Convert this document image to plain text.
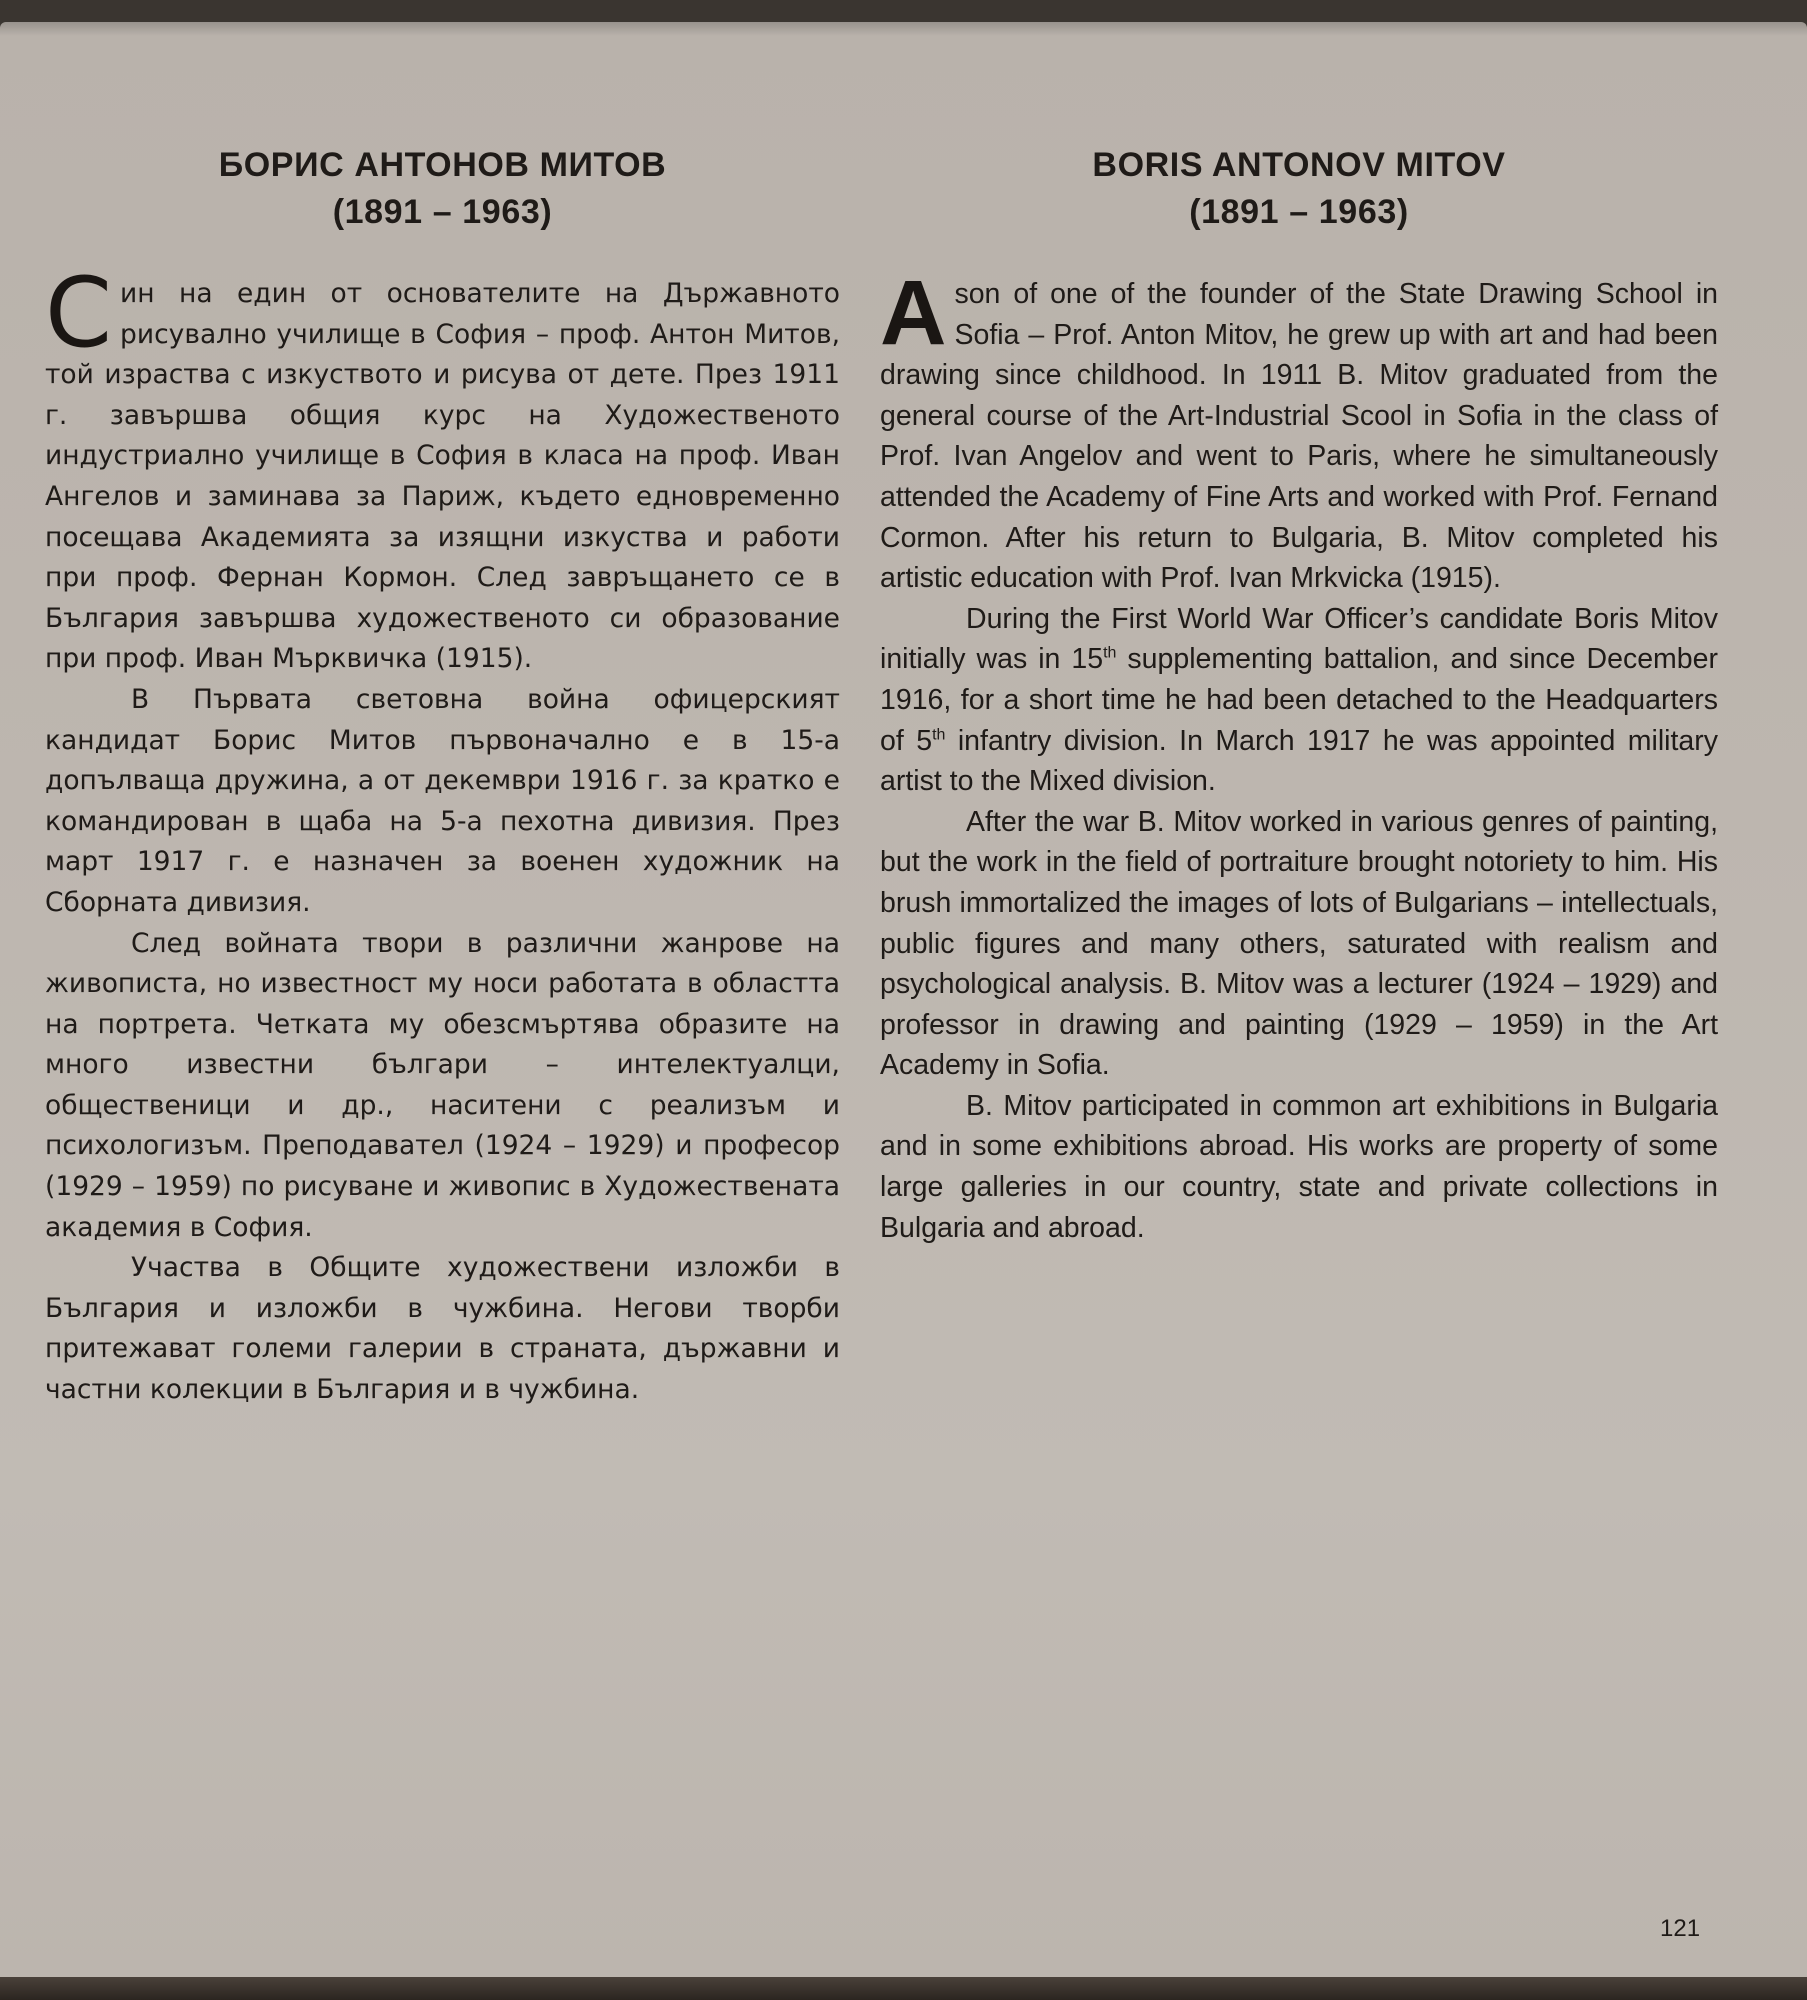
БОРИС АНТОНОВ МИТОВ
(1891 – 1963)

Син на един от основателите на Държавното рисувално училище в София – проф. Антон Митов, той израства с изкуството и рисува от дете. През 1911 г. завършва общия курс на Художественото индустриално училище в София в класа на проф. Иван Ангелов и заминава за Париж, където едновременно посещава Академията за изящни изкуства и работи при проф. Фернан Кормон. След завръщането се в България завършва художественото си образование при проф. Иван Мърквичка (1915).

В Първата световна война офицерският кандидат Борис Митов първоначално е в 15-а допълваща дружина, а от декември 1916 г. за кратко е командирован в щаба на 5-а пехотна дивизия. През март 1917 г. е назначен за военен художник на Сборната дивизия.

След войната твори в различни жанрове на живописта, но известност му носи работата в областта на портрета. Четката му обезсмъртява образите на много известни българи – интелектуалци, общественици и др., наситени с реализъм и психологизъм. Преподавател (1924 – 1929) и професор (1929 – 1959) по рисуване и живопис в Художествената академия в София.

Участва в Общите художествени изложби в България и изложби в чужбина. Негови творби притежават големи галерии в страната, държавни и частни колекции в България и в чужбина.

BORIS ANTONOV MITOV
(1891 – 1963)

Ason of one of the founder of the State Drawing School in Sofia – Prof. Anton Mitov, he grew up with art and had been drawing since childhood. In 1911 B. Mitov graduated from the general course of the Art-Industrial Scool in Sofia in the class of Prof. Ivan Angelov and went to Paris, where he simultaneously attended the Academy of Fine Arts and worked with Prof. Fernand Cormon. After his return to Bulgaria, B. Mitov completed his artistic education with Prof. Ivan Mrkvicka (1915).

During the First World War Officer’s candidate Boris Mitov initially was in 15th supplementing battalion, and since December 1916, for a short time he had been detached to the Headquarters of 5th infantry division. In March 1917 he was appointed military artist to the Mixed division.

After the war B. Mitov worked in various genres of painting, but the work in the field of portraiture brought notoriety to him. His brush immortalized the images of lots of Bulgarians – intellectuals, public figures and many others, saturated with realism and psychological analysis. B. Mitov was a lecturer (1924 – 1929) and professor in drawing and painting (1929 – 1959) in the Art Academy in Sofia.

B. Mitov participated in common art exhibitions in Bulgaria and in some exhibitions abroad. His works are property of some large galleries in our country, state and private collections in Bulgaria and abroad.

121
